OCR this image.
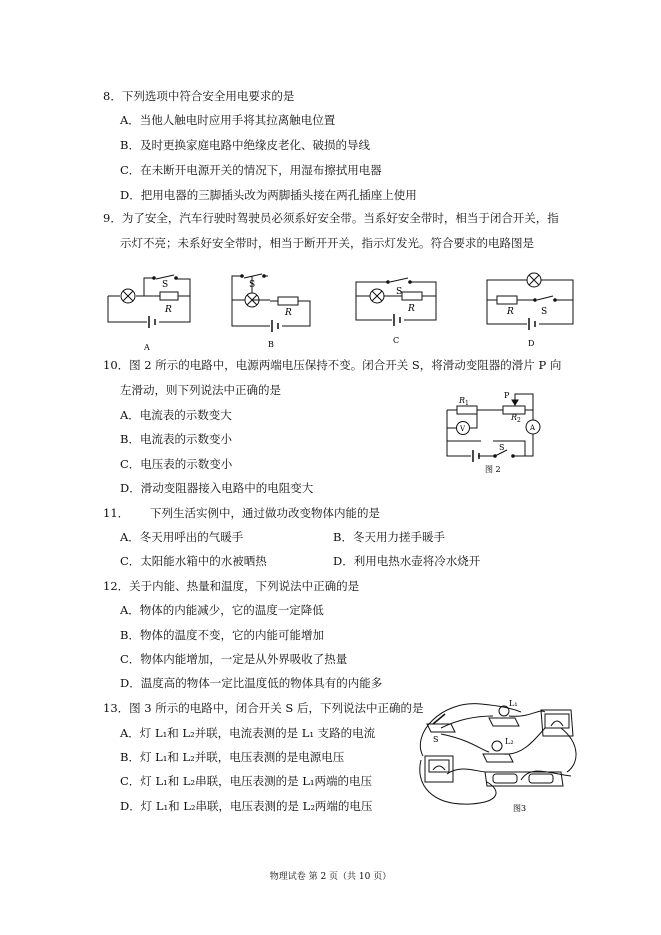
8．下列选项中符合安全用电要求的是
A．当他人触电时应用手将其拉离触电位置
B．及时更换家庭电路中绝缘皮老化、破损的导线
C．在未断开电源开关的情况下，用湿布擦拭用电器
D．把用电器的三脚插头改为两脚插头接在两孔插座上使用
9．为了安全，汽车行驶时驾驶员必须系好安全带。当系好安全带时，相当于闭合开关，指
示灯不亮；未系好安全带时，相当于断开开关，指示灯发光。符合要求的电路图是
S
R
A
S
R
B
S
R
C
S
R
D
10．图 2 所示的电路中，电源两端电压保持不变。闭合开关 S，将滑动变阻器的滑片 P 向
左滑动，则下列说法中正确的是
A．电流表的示数变大
B．电流表的示数变小
C．电压表的示数变小
D．滑动变阻器接入电路中的电阻变大
R 1
R 2
P
V	A
S
图 2
11． 下列生活实例中，通过做功改变物体内能的是
A．冬天用呼出的气暖手	B．冬天用力搓手暖手
C．太阳能水箱中的水被晒热	D．利用电热水壶将冷水烧开
12．关于内能、热量和温度，下列说法中正确的是
A．物体的内能减少，它的温度一定降低
B．物体的温度不变，它的内能可能增加
C．物体内能增加，一定是从外界吸收了热量
D．温度高的物体一定比温度低的物体具有的内能多
13．图 3 所示的电路中，闭合开关 S 后，下列说法中正确的是
A．灯 L₁和 L₂并联，电流表测的是 L₁ 支路的电流
B．灯 L₁和 L₂并联，电压表测的是电源电压
C．灯 L₁和 L₂串联，电压表测的是 L₁两端的电压
D．灯 L₁和 L₂串联，电压表测的是 L₂两端的电压
S
L₁
L₂
图3
物理试卷 第 2 页（共 10 页）
